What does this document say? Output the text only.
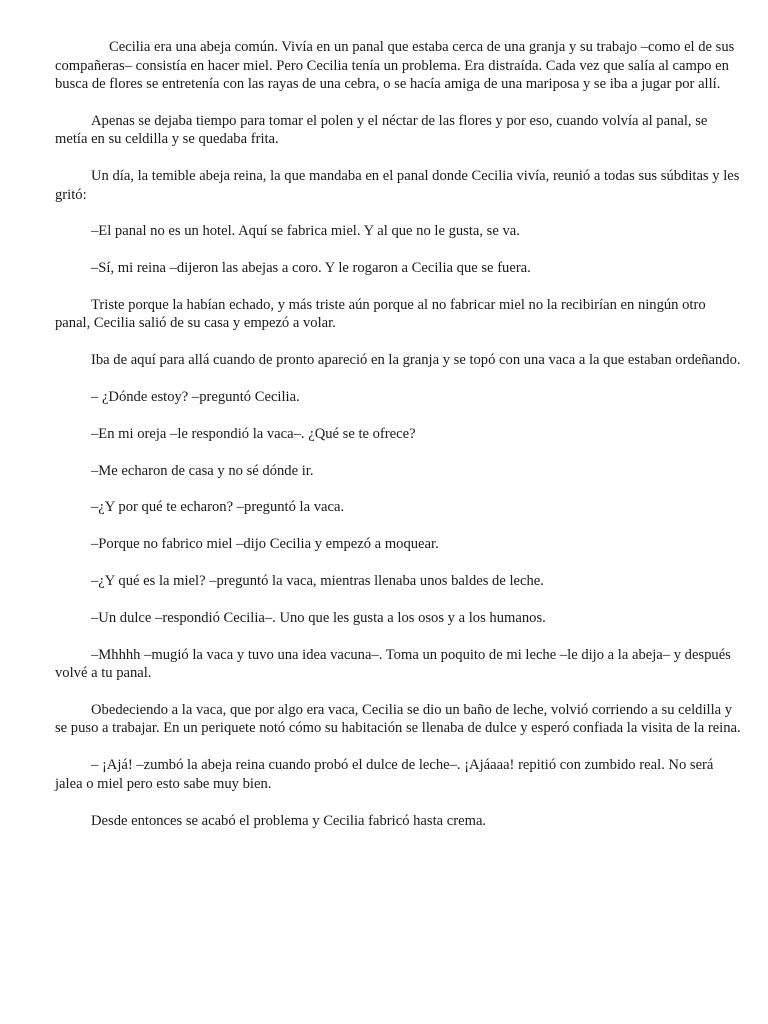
Cecilia era una abeja común. Vivía en un panal que estaba cerca de una granja y su trabajo –como el de sus compañeras– consistía en hacer miel. Pero Cecilia tenía un problema. Era distraída. Cada vez que salía al campo en busca de flores se entretenía con las rayas de una cebra, o se hacía amiga de una mariposa y se iba a jugar por allí.

Apenas se dejaba tiempo para tomar el polen y el néctar de las flores y por eso, cuando volvía al panal, se metía en su celdilla y se quedaba frita.

Un día, la temible abeja reina, la que mandaba en el panal donde Cecilia vivía, reunió a todas sus súbditas y les gritó:

–El panal no es un hotel. Aquí se fabrica miel. Y al que no le gusta, se va.

–Sí, mi reina –dijeron las abejas a coro. Y le rogaron a Cecilia que se fuera.

Triste porque la habían echado, y más triste aún porque al no fabricar miel no la recibirían en ningún otro panal, Cecilia salió de su casa y empezó a volar.

Iba de aquí para allá cuando de pronto apareció en la granja y se topó con una vaca a la que estaban ordeñando.

– ¿Dónde estoy? –preguntó Cecilia.

–En mi oreja –le respondió la vaca–. ¿Qué se te ofrece?

–Me echaron de casa y no sé dónde ir.

–¿Y por qué te echaron? –preguntó la vaca.

–Porque no fabrico miel –dijo Cecilia y empezó a moquear.

–¿Y qué es la miel? –preguntó la vaca, mientras llenaba unos baldes de leche.

–Un dulce –respondió Cecilia–. Uno que les gusta a los osos y a los humanos.

–Mhhhh –mugió la vaca y tuvo una idea vacuna–. Toma un poquito de mi leche –le dijo a la abeja– y después volvé a tu panal.

Obedeciendo a la vaca, que por algo era vaca, Cecilia se dio un baño de leche, volvió corriendo a su celdilla y se puso a trabajar. En un periquete notó cómo su habitación se llenaba de dulce y esperó confiada la visita de la reina.

– ¡Ajá! –zumbó la abeja reina cuando probó el dulce de leche–. ¡Ajáaaa! repitió con zumbido real. No será jalea o miel pero esto sabe muy bien.

Desde entonces se acabó el problema y Cecilia fabricó hasta crema.
